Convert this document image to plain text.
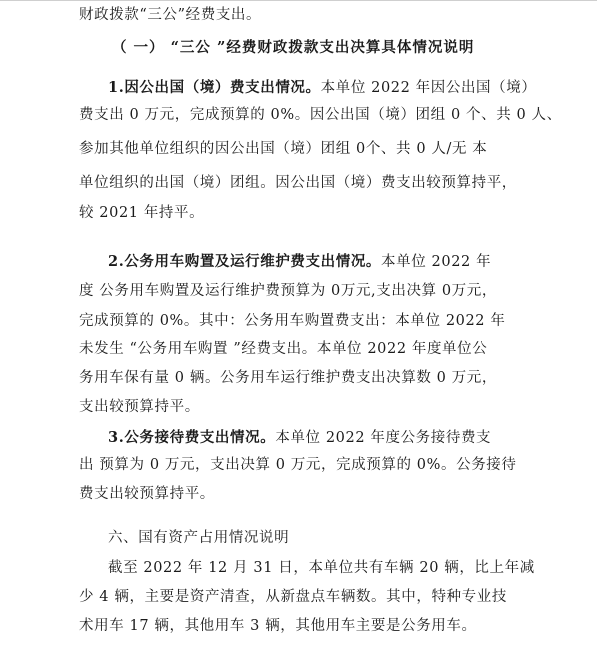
财政拨款“三公”经费支出。
（ 一） “三公 ”经费财政拨款支出决算具体情况说明
1.因公出国（境）费支出情况。本单位 2022 年因公出国（境）
费支出 0 万元，完成预算的 0%。因公出国（境）团组 0 个、共 0 人、
参加其他单位组织的因公出国（境）团组 0个、共 0 人/无 本
单位组织的出国（境）团组。因公出国（境）费支出较预算持平，
较 2021 年持平。
2.公务用车购置及运行维护费支出情况。本单位 2022 年
度 公务用车购置及运行维护费预算为 0万元,支出决算 0万元，
完成预算的 0%。其中：公务用车购置费支出：本单位 2022 年
未发生 “公务用车购置 ”经费支出。本单位 2022 年度单位公
务用车保有量 0 辆。公务用车运行维护费支出决算数 0 万元，
支出较预算持平。
3.公务接待费支出情况。本单位 2022 年度公务接待费支
出 预算为 0 万元，支出决算 0 万元，完成预算的 0%。公务接待
费支出较预算持平。
六、国有资产占用情况说明
截至 2022 年 12 月 31 日，本单位共有车辆 20 辆，比上年减
少 4 辆，主要是资产清查，从新盘点车辆数。其中，特种专业技
术用车 17 辆，其他用车 3 辆，其他用车主要是公务用车。
